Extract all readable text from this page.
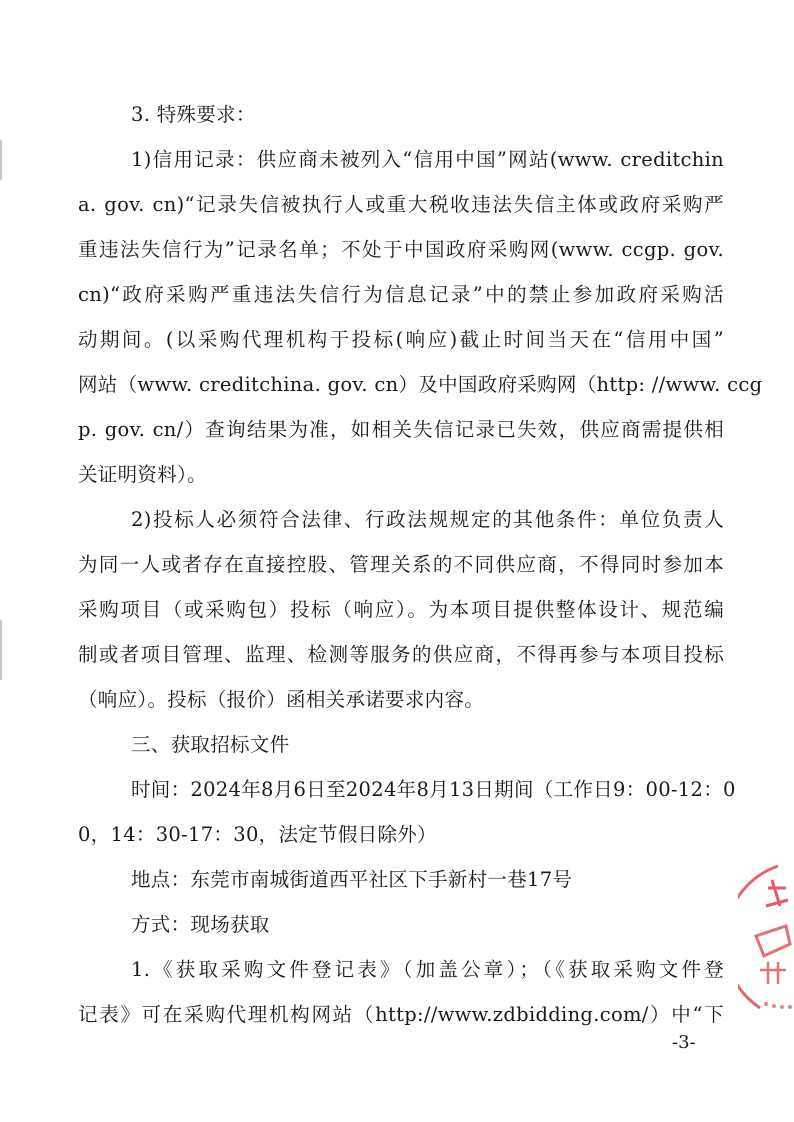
3. 特殊要求：
1)信用记录：供应商未被列入“信用中国”网站(www. creditchin
a. gov. cn)“记录失信被执行人或重大税收违法失信主体或政府采购严
重违法失信行为”记录名单；不处于中国政府采购网(www. ccgp. gov.
cn)“政府采购严重违法失信行为信息记录”中的禁止参加政府采购活
动期间。(以采购代理机构于投标(响应)截止时间当天在“信用中国”
网站（www. creditchina. gov. cn）及中国政府采购网（http: //www. ccg
p. gov. cn/）查询结果为准，如相关失信记录已失效，供应商需提供相
关证明资料）。
2)投标人必须符合法律、行政法规规定的其他条件：单位负责人
为同一人或者存在直接控股、管理关系的不同供应商，不得同时参加本
采购项目（或采购包）投标（响应）。为本项目提供整体设计、规范编
制或者项目管理、监理、检测等服务的供应商，不得再参与本项目投标
（响应）。投标（报价）函相关承诺要求内容。
三、获取招标文件
时间：2024年8月6日至2024年8月13日期间（工作日9：00-12：0
0，14：30-17：30，法定节假日除外）
地点：东莞市南城街道西平社区下手新村一巷17号
方式：现场获取
1.《获取采购文件登记表》（加盖公章）；（《获取采购文件登
记表》可在采购代理机构网站（http://www.zdbidding.com/）中“下
-3-
